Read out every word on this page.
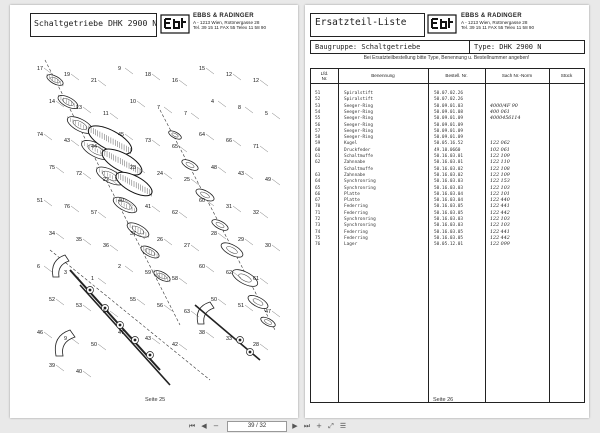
Schaltgetriebe DHK 2900 N
EBBS & RADINGER
A - 1213 Wien, Rottmergasse 28
Tel. 39 15 11 FAX 55 Telex 11 58 90
17
19
21
9
18
16
15
12
12
14
13
11
10
7
7
4
8
5
74
43
44
45
73
65
64
66
71
75
72
22
23
24
25
48
43
49
51
76
57
40
41
62
60
31
32
34
35
36
37
26
27
28
29
30
6
3
1
2
59
58
60
62
61
52
53
54
55
56
63
50
51
47
46
9
50
47
43
42
38
33
28
39
40
Seite 25
Ersatzteil-Liste
EBBS & RADINGER
A - 1213 Wien, Rottmergasse 28
Tel. 39 15 11 FAX 55 Telex 11 58 90
Baugruppe: Schaltgetriebe	Type: DHK 2900 N
Bei Ersatzteilbestellung bitte Type, Benennung u. Bestellnummer angeben!
Lfd.
Nr.
Benennung	Bestell. Nr.	Sach Nr.-Norm	Stück
51	Spiralstift	50.07.02.26
52	Spiralstift	50.07.02.26
53	Seeger-Ring	50.09.01.03	4000/4F 90
54	Seeger-Ring	50.09.01.08	400 061
55	Seeger-Ring	50.09.01.09	4000456114
56	Seeger-Ring	50.09.01.09
57	Seeger-Ring	50.09.01.09
58	Seeger-Ring	50.09.01.09
59	Kugel	50.05.16.52	122 062
60	Druckfeder	49.10.0660	102 061
61	Schaltmuffe	50.16.03.01	122 109
62	Zahnnabe	50.16.03.01	122 110
Schaltmuffe	50.16.03.02	122 108
63	Zahnnabe	50.16.03.02	122 109
64	Synchronring	50.16.03.03	122 153
65	Synchronring	50.16.03.03	122 103
66	Platte	50.16.03.04	122 101
67	Platte	50.16.03.04	122 440
70	Federring	50.16.03.05	122 441
71	Federring	50.16.03.05	122 442
72	Synchronring	50.16.03.03	122 103
73	Synchronring	50.16.03.03	122 103
74	Federring	50.16.03.05	122 441
75	Federring	50.16.03.05	122 442
76	Lager	50.05.12.01	122 099
Seite 26
⏮ ◀ −	39 / 32	▶ ⏭ + ⤢ ☰
